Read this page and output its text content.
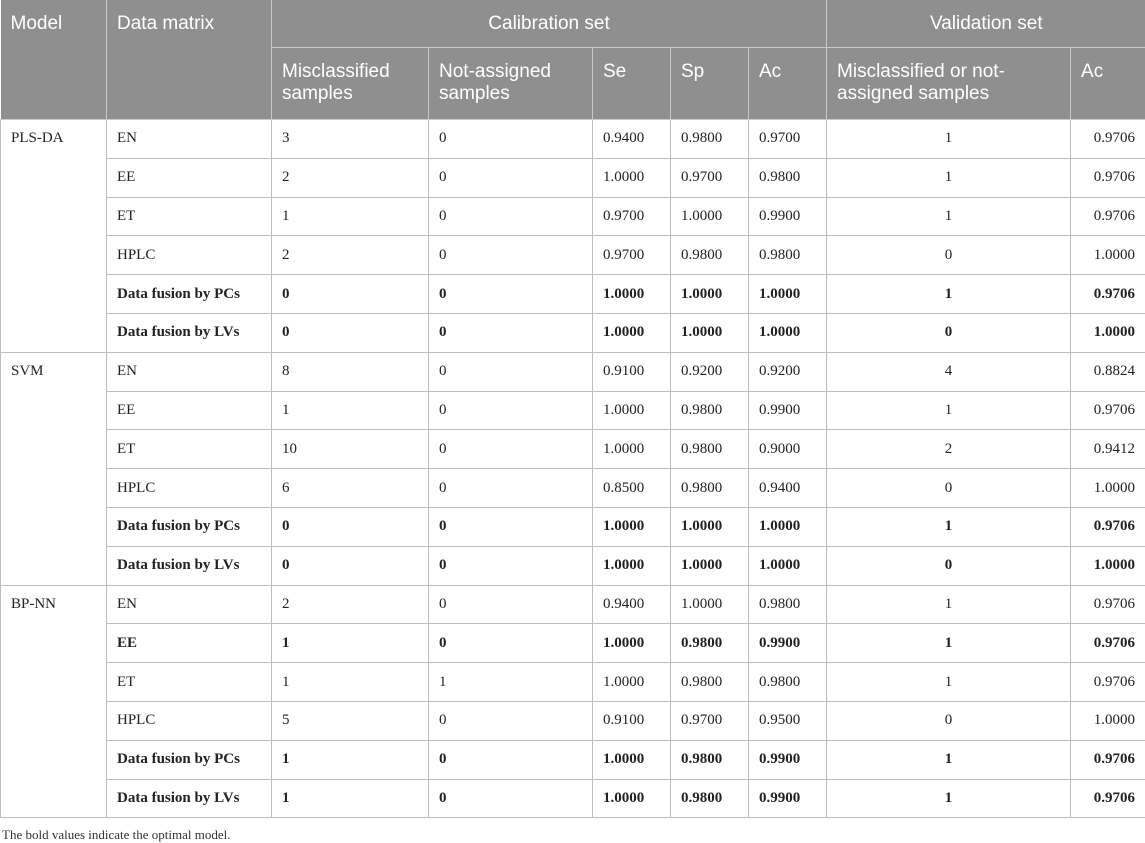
Model	Data matrix	Calibration set					Validation set	
		Misclassified samples	Not-assigned samples	Se	Sp	Ac	Misclassified or not-assigned samples	Ac
PLS-DA	EN	3	0	0.9400	0.9800	0.9700	1	0.9706
	EE	2	0	1.0000	0.9700	0.9800	1	0.9706
	ET	1	0	0.9700	1.0000	0.9900	1	0.9706
	HPLC	2	0	0.9700	0.9800	0.9800	0	1.0000
	Data fusion by PCs	0	0	1.0000	1.0000	1.0000	1	0.9706
	Data fusion by LVs	0	0	1.0000	1.0000	1.0000	0	1.0000
SVM	EN	8	0	0.9100	0.9200	0.9200	4	0.8824
	EE	1	0	1.0000	0.9800	0.9900	1	0.9706
	ET	10	0	1.0000	0.9800	0.9000	2	0.9412
	HPLC	6	0	0.8500	0.9800	0.9400	0	1.0000
	Data fusion by PCs	0	0	1.0000	1.0000	1.0000	1	0.9706
	Data fusion by LVs	0	0	1.0000	1.0000	1.0000	0	1.0000
BP-NN	EN	2	0	0.9400	1.0000	0.9800	1	0.9706
	EE	1	0	1.0000	0.9800	0.9900	1	0.9706
	ET	1	1	1.0000	0.9800	0.9800	1	0.9706
	HPLC	5	0	0.9100	0.9700	0.9500	0	1.0000
	Data fusion by PCs	1	0	1.0000	0.9800	0.9900	1	0.9706
	Data fusion by LVs	1	0	1.0000	0.9800	0.9900	1	0.9706
The bold values indicate the optimal model.
